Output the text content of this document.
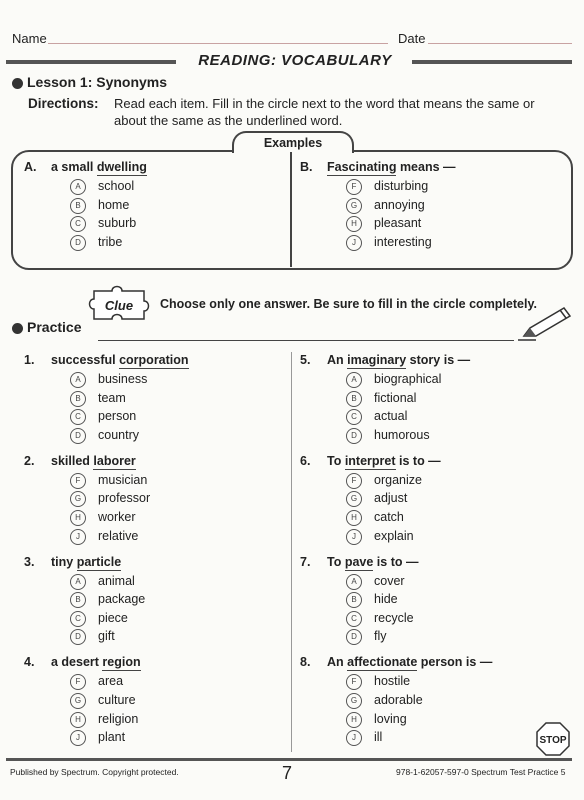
Name	Date
READING: VOCABULARY
Lesson 1: Synonyms
Directions: Read each item. Fill in the circle next to the word that means the same or about the same as the underlined word.
Examples
A. a small dwelling
A	school
B	home
C	suburb
D	tribe
B. Fascinating means —
F	disturbing
G	annoying
H	pleasant
J	interesting
Clue Choose only one answer. Be sure to fill in the circle completely.
Practice
1. successful corporation
A	business
B	team
C	person
D	country
2. skilled laborer
F	musician
G	professor
H	worker
J	relative
3. tiny particle
A	animal
B	package
C	piece
D	gift
4. a desert region
F	area
G	culture
H	religion
J	plant
5. An imaginary story is —
A	biographical
B	fictional
C	actual
D	humorous
6. To interpret is to —
F	organize
G	adjust
H	catch
J	explain
7. To pave is to —
A	cover
B	hide
C	recycle
D	fly
8. An affectionate person is —
F	hostile
G	adorable
H	loving
J	ill	STOP
Published by Spectrum. Copyright protected.	7	978-1-62057-597-0 Spectrum Test Practice 5
